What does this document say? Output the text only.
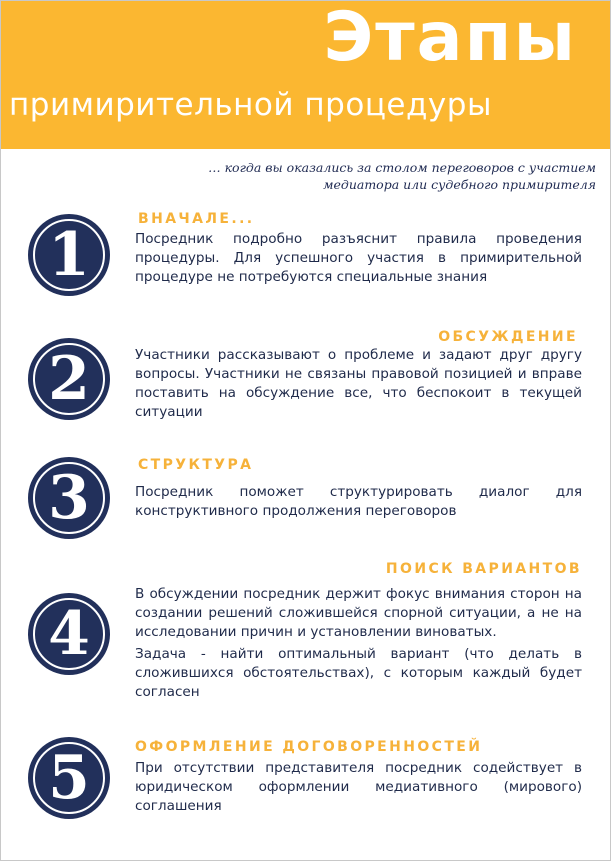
Этапы
примирительной процедуры
… когда вы оказались за столом переговоров с участием медиатора или судебного примирителя
1
ВНАЧАЛЕ...

Посредник подробно разъяснит правила проведения процедуры. Для успешного участия в примирительной процедуре не потребуются специальные знания

2
ОБСУЖДЕНИЕ

Участники рассказывают о проблеме и задают друг другу вопросы. Участники не связаны правовой позицией и вправе поставить на обсуждение все, что беспокоит в текущей ситуации

3	СТРУКТУРА

Посредник поможет структурировать диалог для конструктивного продолжения переговоров

4
ПОИСК ВАРИАНТОВ

В обсуждении посредник держит фокус внимания сторон на создании решений сложившейся спорной ситуации, а не на исследовании причин и установлении виноватых.

Задача - найти оптимальный вариант (что делать в сложившихся обстоятельствах), с которым каждый будет согласен

5	ОФОРМЛЕНИЕ ДОГОВОРЕННОСТЕЙ

При отсутствии представителя посредник содействует в юридическом оформлении медиативного (мирового) соглашения
